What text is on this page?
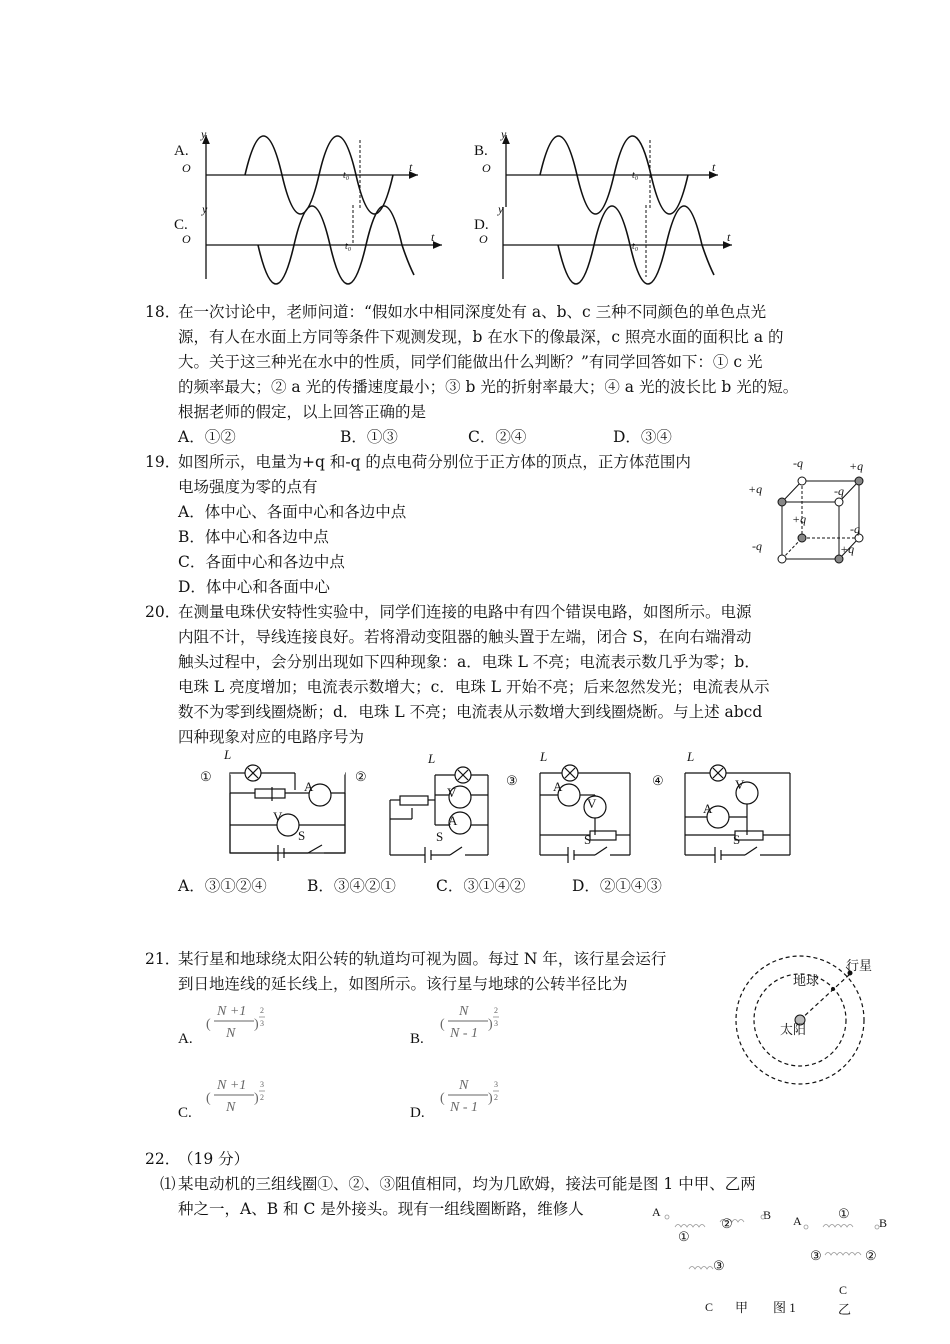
A.	B.
C.	D.
O	O
O	O
y	y
y	y
t	t
t	t
t₀	t₀
t₀	t₀
18．
在一次讨论中，老师问道：“假如水中相同深度处有 a、b、c 三种不同颜色的单色点光
源，有人在水面上方同等条件下观测发现，b 在水下的像最深，c 照亮水面的面积比 a 的
大。关于这三种光在水中的性质，同学们能做出什么判断？”有同学回答如下：① c 光
的频率最大；② a 光的传播速度最小；③ b 光的折射率最大；④ a 光的波长比 b 光的短。
根据老师的假定，以上回答正确的是
A．①②	B．①③	C．②④	D．③④
19．
如图所示，电量为+q 和-q 的点电荷分别位于正方体的顶点，正方体范围内
电场强度为零的点有
A．体中心、各面中心和各边中点
B．体中心和各边中点
C．各面中心和各边中点
D．体中心和各面中心
-q	+q
+q	-q
+q
-q
-q	+q
20．
在测量电珠伏安特性实验中，同学们连接的电路中有四个错误电路，如图所示。电源
内阻不计，导线连接良好。若将滑动变阻器的触头置于左端，闭合 S，在向右端滑动
触头过程中，会分别出现如下四种现象：a．电珠 L 不亮；电流表示数几乎为零；b．
电珠 L 亮度增加；电流表示数增大；c．电珠 L 开始不亮；后来忽然发光；电流表从示
数不为零到线圈烧断；d．电珠 L 不亮；电流表从示数增大到线圈烧断。与上述 abcd
四种现象对应的电路序号为
①	②	③	④
L	L	L	L
A
V
S
V
A
S
A
V
S
V
A
S
A．③①②④	B．③④②①	C．③①④②	D．②①④③
21．
某行星和地球绕太阳公转的轨道均可视为圆。每过 N 年，该行星会运行
到日地连线的延长线上，如图所示。该行星与地球的公转半径比为
A.	B.
C.	D.
(
N +1
N
)
2
3	(
N
N - 1
)
2
3
(
N +1
N
)
3
2	(
N
N - 1
)
3
2
行星
地球
太阳
22．
（19 分）
⑴ 某电动机的三组线圈①、②、③阻值相同，均为几欧姆，接法可能是图 1 中甲、乙两
种之一，A、B 和 C 是外接头。现有一组线圈断路，维修人	A	B A	B
C
C
②
①
③
①
③	②
甲 图 1	乙
